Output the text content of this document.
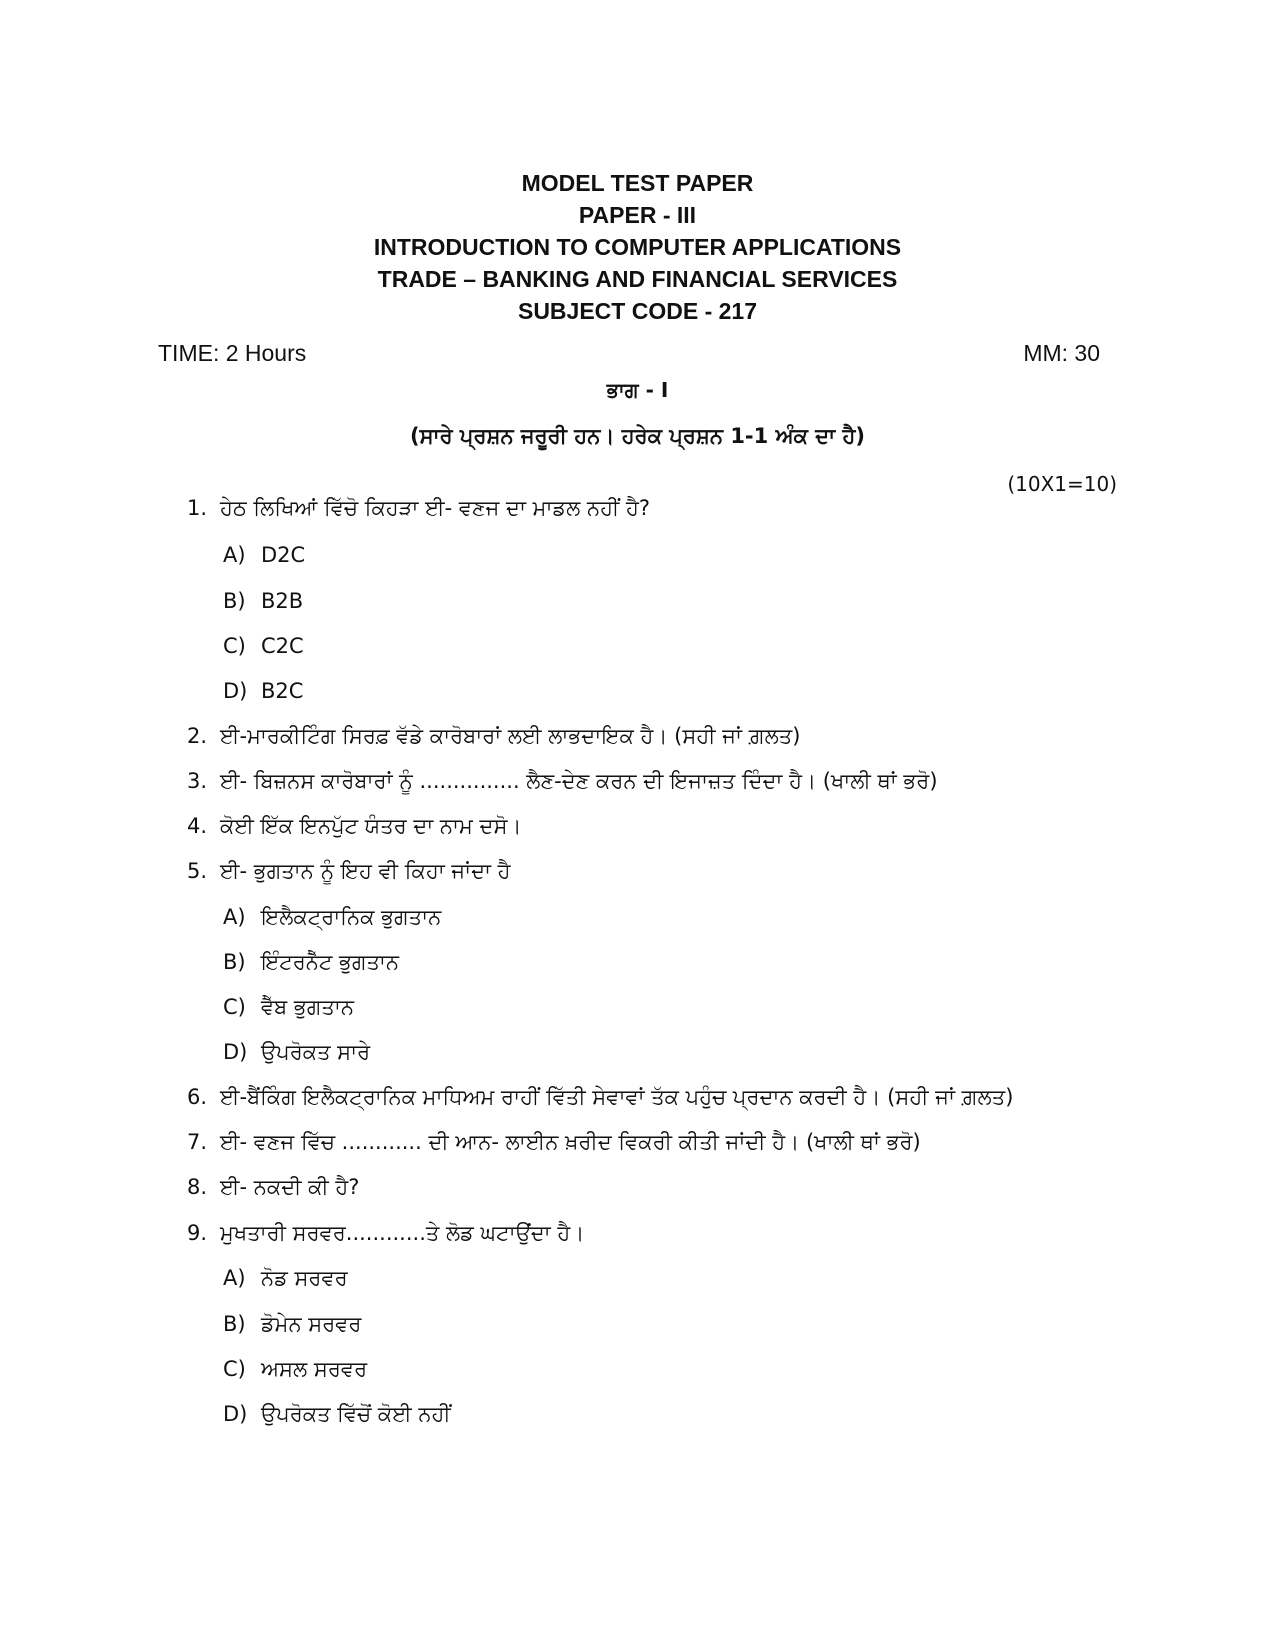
MODEL TEST PAPER
PAPER - III
INTRODUCTION TO COMPUTER APPLICATIONS
TRADE – BANKING AND FINANCIAL SERVICES
SUBJECT CODE - 217
TIME: 2 Hours	MM: 30
ਭਾਗ - I
(ਸਾਰੇ ਪ੍ਰਸ਼ਨ ਜਰੂਰੀ ਹਨ। ਹਰੇਕ ਪ੍ਰਸ਼ਨ 1-1 ਅੰਕ ਦਾ ਹੈ)
(10X1=10)
1. ਹੇਠ ਲਿਖਿਆਂ ਵਿੱਚੋ ਕਿਹੜਾ ਈ- ਵਣਜ ਦਾ ਮਾਡਲ ਨਹੀਂ ਹੈ?
A) D2C
B) B2B
C) C2C
D) B2C
2. ਈ-ਮਾਰਕੀਟਿੰਗ ਸਿਰਫ਼ ਵੱਡੇ ਕਾਰੋਬਾਰਾਂ ਲਈ ਲਾਭਦਾਇਕ ਹੈ। (ਸਹੀ ਜਾਂ ਗ਼ਲਤ)
3. ਈ- ਬਿਜ਼ਨਸ ਕਾਰੋਬਾਰਾਂ ਨੂੰ ............... ਲੈਣ-ਦੇਣ ਕਰਨ ਦੀ ਇਜਾਜ਼ਤ ਦਿੰਦਾ ਹੈ। (ਖਾਲੀ ਥਾਂ ਭਰੋ)
4. ਕੋਈ ਇੱਕ ਇਨਪੁੱਟ ਯੰਤਰ ਦਾ ਨਾਮ ਦਸੋ।
5. ਈ- ਭੁਗਤਾਨ ਨੂੰ ਇਹ ਵੀ ਕਿਹਾ ਜਾਂਦਾ ਹੈ
A) ਇਲੈਕਟ੍ਰਾਨਿਕ ਭੁਗਤਾਨ
B) ਇੰਟਰਨੈੱਟ ਭੁਗਤਾਨ
C) ਵੈੱਬ ਭੁਗਤਾਨ
D) ਉਪਰੋਕਤ ਸਾਰੇ
6. ਈ-ਬੈਂਕਿੰਗ ਇਲੈਕਟ੍ਰਾਨਿਕ ਮਾਧਿਅਮ ਰਾਹੀਂ ਵਿੱਤੀ ਸੇਵਾਵਾਂ ਤੱਕ ਪਹੁੰਚ ਪ੍ਰਦਾਨ ਕਰਦੀ ਹੈ। (ਸਹੀ ਜਾਂ ਗ਼ਲਤ)
7. ਈ- ਵਣਜ ਵਿੱਚ ............ ਦੀ ਆਨ- ਲਾਈਨ ਖ਼ਰੀਦ ਵਿਕਰੀ ਕੀਤੀ ਜਾਂਦੀ ਹੈ। (ਖਾਲੀ ਥਾਂ ਭਰੋ)
8. ਈ- ਨਕਦੀ ਕੀ ਹੈ?
9. ਮੁਖਤਾਰੀ ਸਰਵਰ............ਤੇ ਲੋਡ ਘਟਾਉਂਦਾ ਹੈ।
A) ਨੋਡ ਸਰਵਰ
B) ਡੋਮੇਨ ਸਰਵਰ
C) ਅਸਲ ਸਰਵਰ
D) ਉਪਰੋਕਤ ਵਿੱਚੋਂ ਕੋਈ ਨਹੀਂ
